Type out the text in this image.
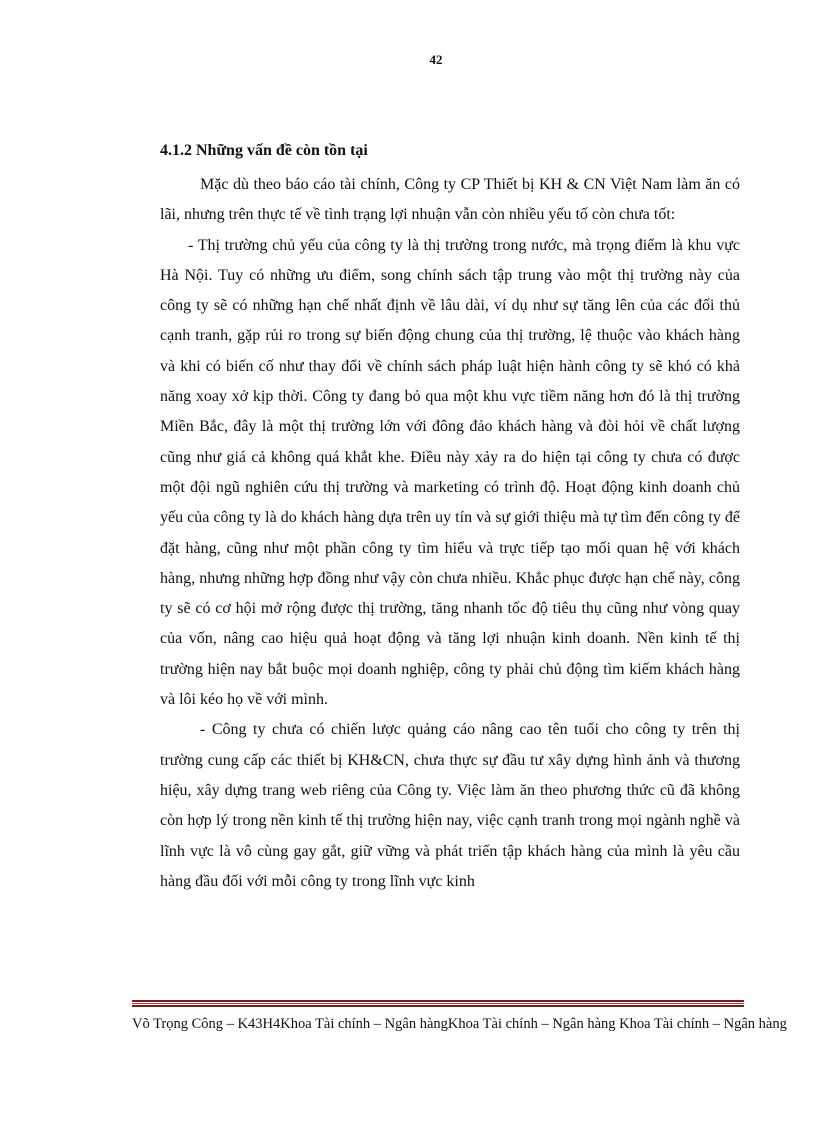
42
4.1.2 Những vấn đề còn tồn tại

Mặc dù theo báo cáo tài chính, Công ty CP Thiết bị KH & CN Việt Nam làm ăn có lãi, nhưng trên thực tế về tình trạng lợi nhuận vẫn còn nhiều yếu tố còn chưa tốt:

- Thị trường chủ yếu của công ty là thị trường trong nước, mà trọng điểm là khu vực Hà Nội. Tuy có những ưu điểm, song chính sách tập trung vào một thị trường này của công ty sẽ có những hạn chế nhất định về lâu dài, ví dụ như sự tăng lên của các đối thủ cạnh tranh, gặp rủi ro trong sự biến động chung của thị trường, lệ thuộc vào khách hàng và khi có biến cố như thay đổi về chính sách pháp luật hiện hành công ty sẽ khó có khả năng xoay xở kịp thời. Công ty đang bỏ qua một khu vực tiềm năng hơn đó là thị trường Miền Bắc, đây là một thị trường lớn với đông đảo khách hàng và đòi hỏi về chất lượng cũng như giá cả không quá khắt khe. Điều này xảy ra do hiện tại công ty chưa có được một đội ngũ nghiên cứu thị trường và marketing có trình độ. Hoạt động kinh doanh chủ yếu của công ty là do khách hàng dựa trên uy tín và sự giới thiệu mà tự tìm đến công ty để đặt hàng, cũng như một phần công ty tìm hiểu và trực tiếp tạo mối quan hệ với khách hàng, nhưng những hợp đồng như vậy còn chưa nhiều. Khắc phục được hạn chế này, công ty sẽ có cơ hội mở rộng được thị trường, tăng nhanh tốc độ tiêu thụ cũng như vòng quay của vốn, nâng cao hiệu quả hoạt động và tăng lợi nhuận kinh doanh. Nền kinh tế thị trường hiện nay bắt buộc mọi doanh nghiệp, công ty phải chủ động tìm kiếm khách hàng và lôi kéo họ về với mình.

- Công ty chưa có chiến lược quảng cáo nâng cao tên tuổi cho công ty trên thị trường cung cấp các thiết bị KH&CN, chưa thực sự đầu tư xây dựng hình ảnh và thương hiệu, xây dựng trang web riêng của Công ty. Việc làm ăn theo phương thức cũ đã không còn hợp lý trong nền kinh tế thị trường hiện nay, việc cạnh tranh trong mọi ngành nghề và lĩnh vực là vô cùng gay gắt, giữ vững và phát triển tập khách hàng của mình là yêu cầu hàng đầu đối với mỗi công ty trong lĩnh vực kinh

Võ Trọng Công – K43H4Khoa Tài chính – Ngân hàngKhoa Tài chính – Ngân hàng Khoa Tài chính – Ngân hàng
